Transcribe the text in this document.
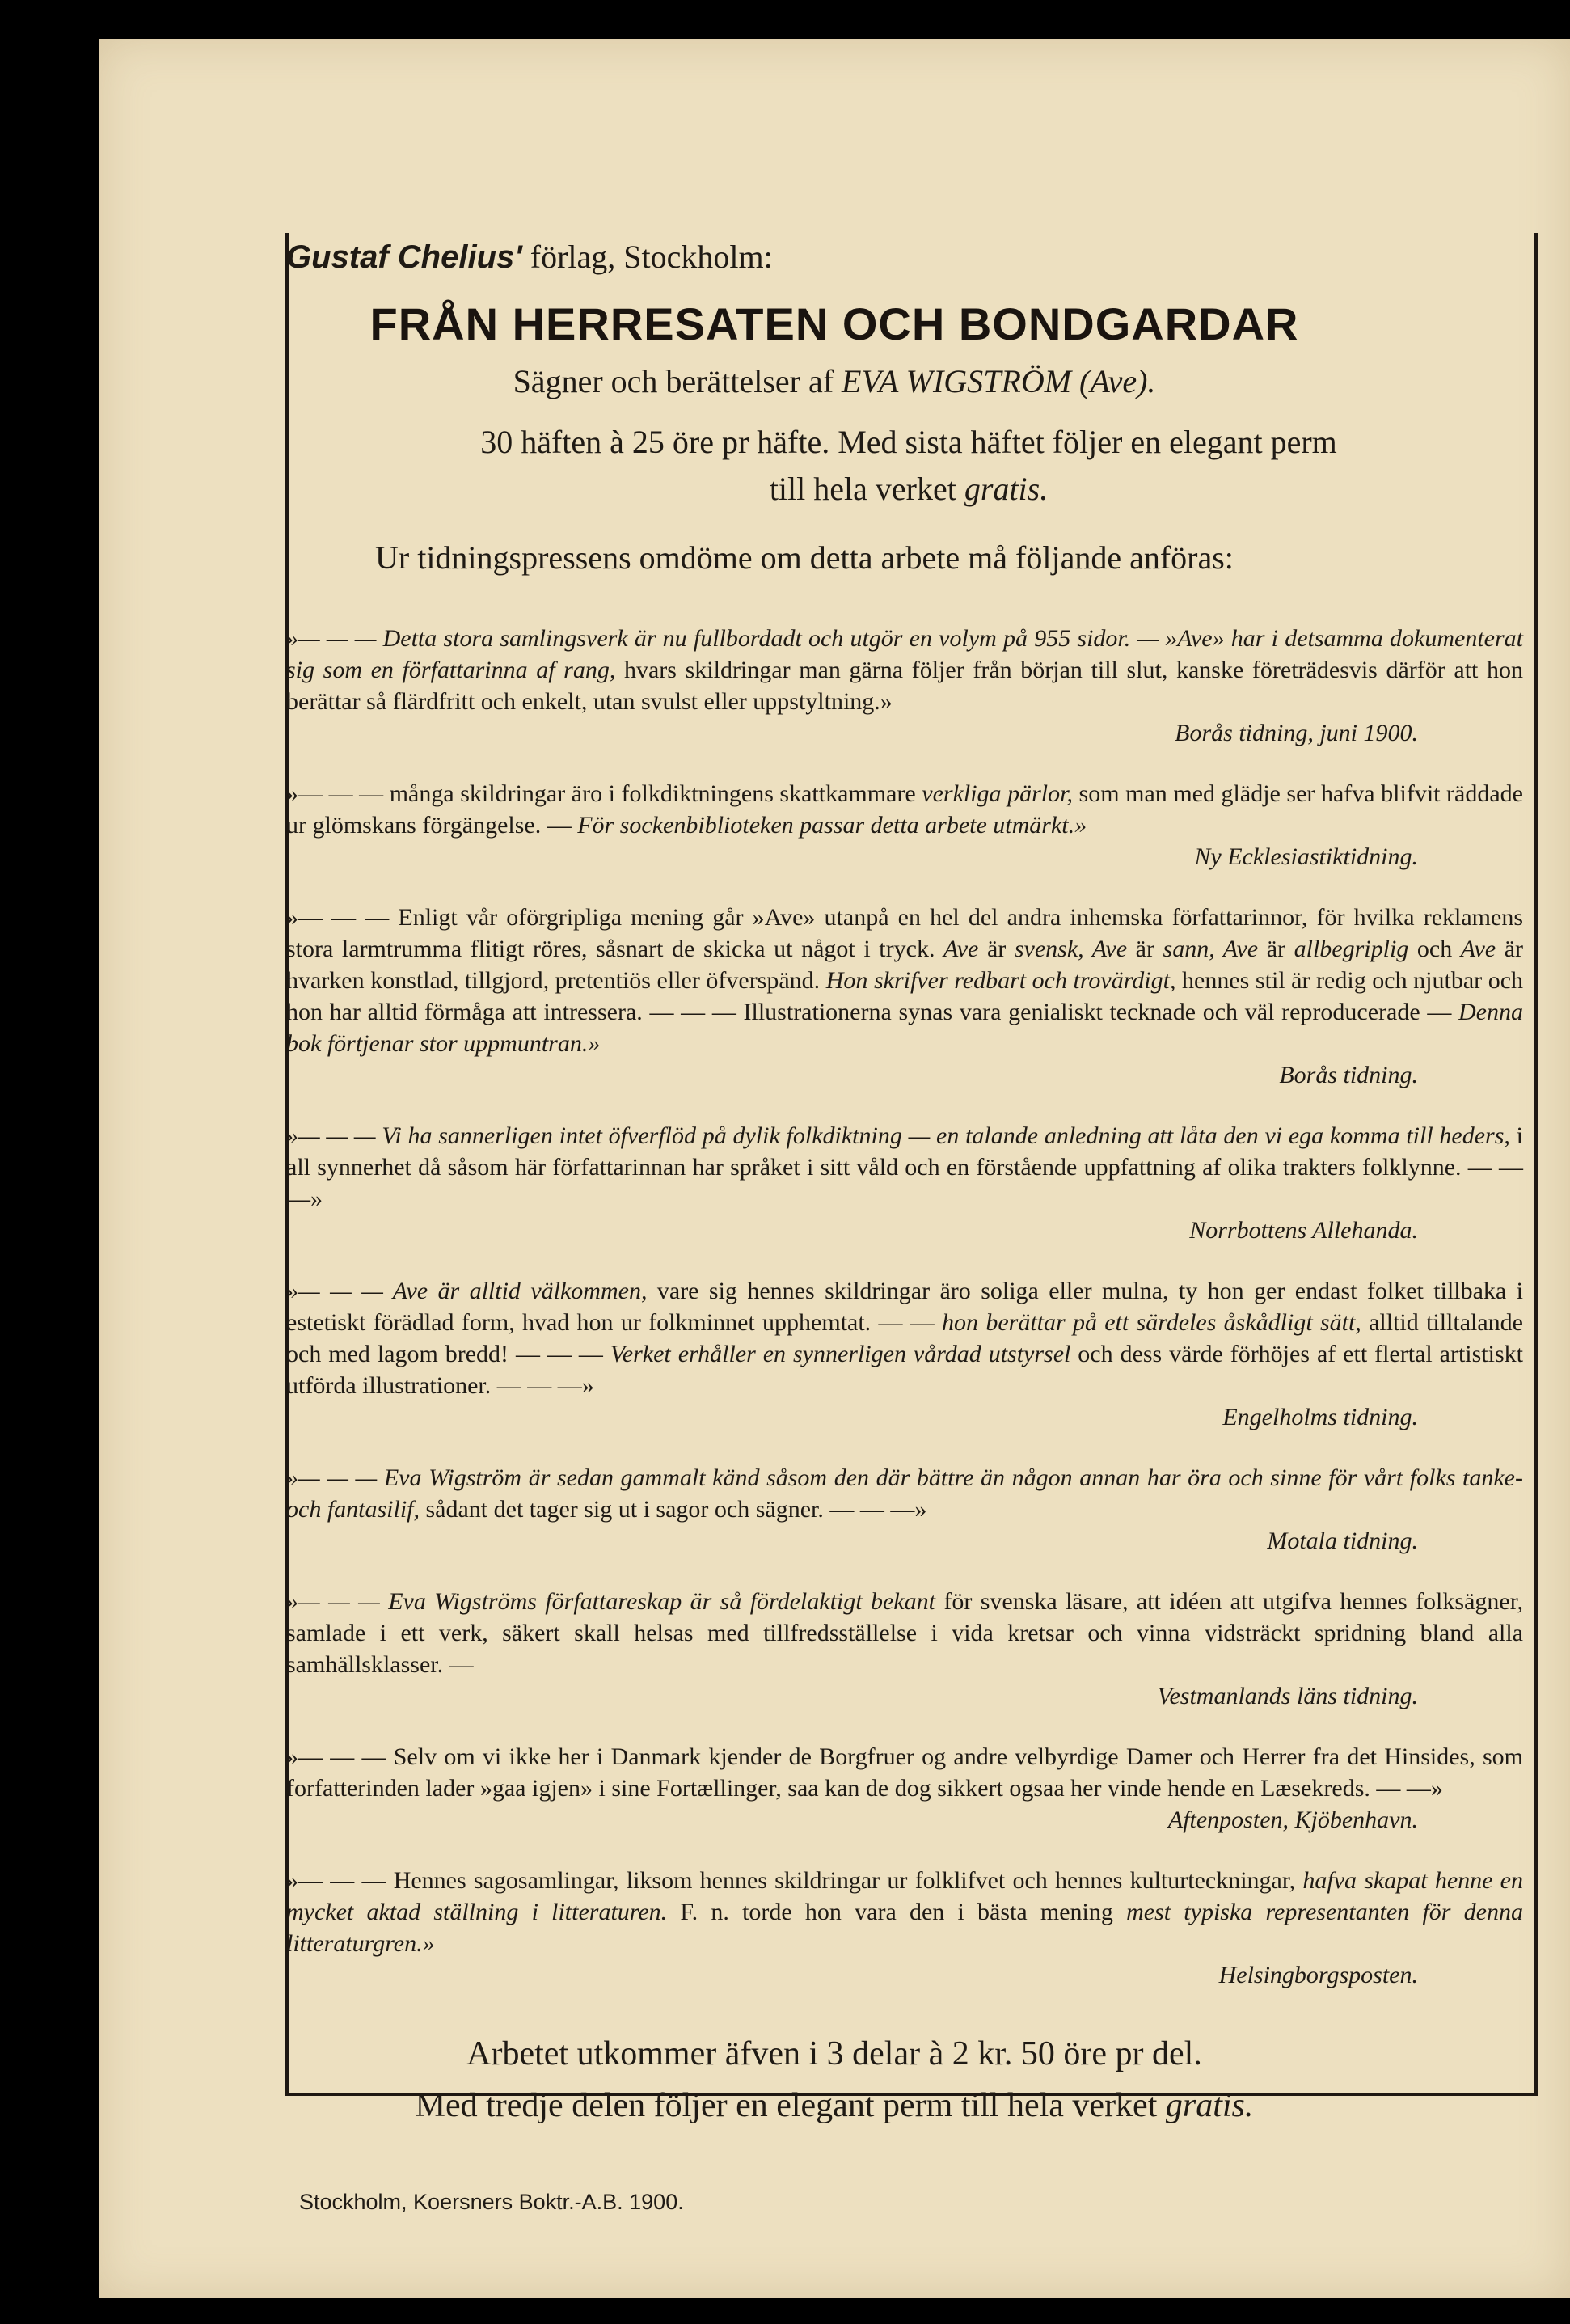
Gustaf Chelius' förlag, Stockholm:
FRÅN HERRESATEN OCH BONDGARDAR
Sägner och berättelser af EVA WIGSTRÖM (Ave).
30 häften à 25 öre pr häfte. Med sista häftet följer en elegant perm
till hela verket gratis.
Ur tidningspressens omdöme om detta arbete må följande anföras:
»— — — Detta stora samlingsverk är nu fullbordadt och utgör en volym på 955 sidor. — »Ave» har i detsamma dokumenterat sig som en författarinna af rang, hvars skildringar man gärna följer från början till slut, kanske företrädesvis därför att hon berättar så flärdfritt och enkelt, utan svulst eller uppstyltning.»
Borås tidning, juni 1900.
»— — — många skildringar äro i folkdiktningens skattkammare verkliga pärlor, som man med glädje ser hafva blifvit räddade ur glömskans förgängelse. — För sockenbiblioteken passar detta arbete utmärkt.»
Ny Ecklesiastiktidning.
»— — — Enligt vår oförgripliga mening går »Ave» utanpå en hel del andra inhemska författarinnor, för hvilka reklamens stora larmtrumma flitigt röres, såsnart de skicka ut något i tryck. Ave är svensk, Ave är sann, Ave är allbegriplig och Ave är hvarken konstlad, tillgjord, pretentiös eller öfverspänd. Hon skrifver redbart och trovärdigt, hennes stil är redig och njutbar och hon har alltid förmåga att intressera. — — — Illustrationerna synas vara genialiskt tecknade och väl reproducerade — Denna bok förtjenar stor uppmuntran.»
Borås tidning.
»— — — Vi ha sannerligen intet öfverflöd på dylik folkdiktning — en talande anledning att låta den vi ega komma till heders, i all synnerhet då såsom här författarinnan har språket i sitt våld och en förstående uppfattning af olika trakters folklynne. — — —»
Norrbottens Allehanda.
»— — — Ave är alltid välkommen, vare sig hennes skildringar äro soliga eller mulna, ty hon ger endast folket tillbaka i estetiskt förädlad form, hvad hon ur folkminnet upphemtat. — — hon berättar på ett särdeles åskådligt sätt, alltid tilltalande och med lagom bredd! — — — Verket erhåller en synnerligen vårdad utstyrsel och dess värde förhöjes af ett flertal artistiskt utförda illustrationer. — — —»
Engelholms tidning.
»— — — Eva Wigström är sedan gammalt känd såsom den där bättre än någon annan har öra och sinne för vårt folks tanke- och fantasilif, sådant det tager sig ut i sagor och sägner. — — —»
Motala tidning.
»— — — Eva Wigströms författareskap är så fördelaktigt bekant för svenska läsare, att idéen att utgifva hennes folksägner, samlade i ett verk, säkert skall helsas med tillfredsställelse i vida kretsar och vinna vidsträckt spridning bland alla samhällsklasser. —
Vestmanlands läns tidning.
»— — — Selv om vi ikke her i Danmark kjender de Borgfruer og andre velbyrdige Damer och Herrer fra det Hinsides, som forfatterinden lader »gaa igjen» i sine Fortællinger, saa kan de dog sikkert ogsaa her vinde hende en Læsekreds. — —»
Aftenposten, Kjöbenhavn.
»— — — Hennes sagosamlingar, liksom hennes skildringar ur folklifvet och hennes kulturteckningar, hafva skapat henne en mycket aktad ställning i litteraturen. F. n. torde hon vara den i bästa mening mest typiska representanten för denna litteraturgren.»
Helsingborgsposten.
Arbetet utkommer äfven i 3 delar à 2 kr. 50 öre pr del.
Med tredje delen följer en elegant perm till hela verket gratis.
Stockholm, Koersners Boktr.-A.B. 1900.
